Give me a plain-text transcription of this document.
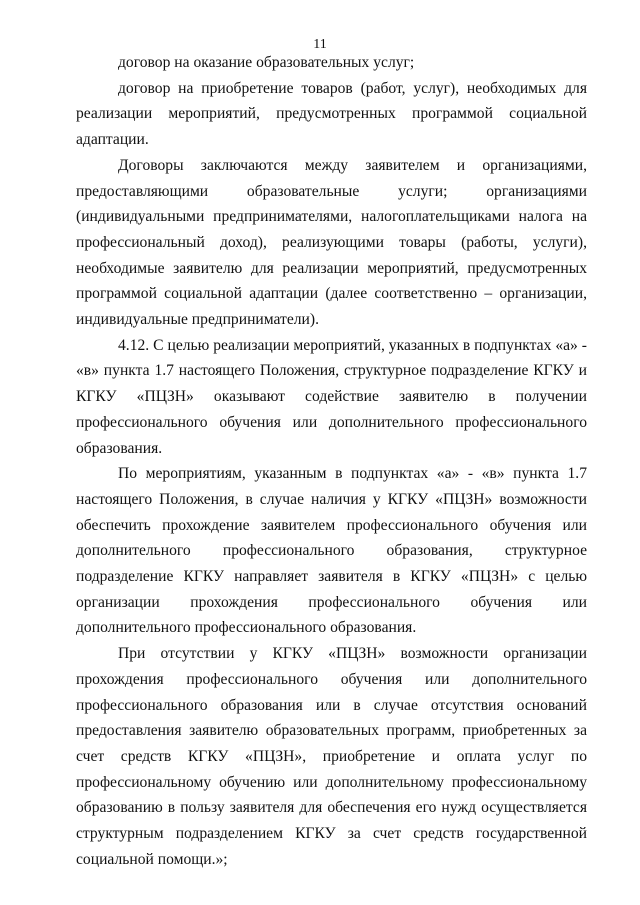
11

договор на оказание образовательных услуг;

договор на приобретение товаров (работ, услуг), необходимых для реализации мероприятий, предусмотренных программой социальной адаптации.

Договоры заключаются между заявителем и организациями, предоставляющими образовательные услуги; организациями (индивидуальными предпринимателями, налогоплательщиками налога на профессиональный доход), реализующими товары (работы, услуги), необходимые заявителю для реализации мероприятий, предусмотренных программой социальной адаптации (далее соответственно – организации, индивидуальные предприниматели).

4.12. С целью реализации мероприятий, указанных в подпунктах «а» - «в» пункта 1.7 настоящего Положения, структурное подразделение КГКУ и КГКУ «ПЦЗН» оказывают содействие заявителю в получении профессионального обучения или дополнительного профессионального образования.

По мероприятиям, указанным в подпунктах «а» - «в» пункта 1.7 настоящего Положения, в случае наличия у КГКУ «ПЦЗН» возможности обеспечить прохождение заявителем профессионального обучения или дополнительного профессионального образования, структурное подразделение КГКУ направляет заявителя в КГКУ «ПЦЗН» с целью организации прохождения профессионального обучения или дополнительного профессионального образования.

При отсутствии у КГКУ «ПЦЗН» возможности организации прохождения профессионального обучения или дополнительного профессионального образования или в случае отсутствия оснований предоставления заявителю образовательных программ, приобретенных за счет средств КГКУ «ПЦЗН», приобретение и оплата услуг по профессиональному обучению или дополнительному профессиональному образованию в пользу заявителя для обеспечения его нужд осуществляется структурным подразделением КГКУ за счет средств государственной социальной помощи.»;
